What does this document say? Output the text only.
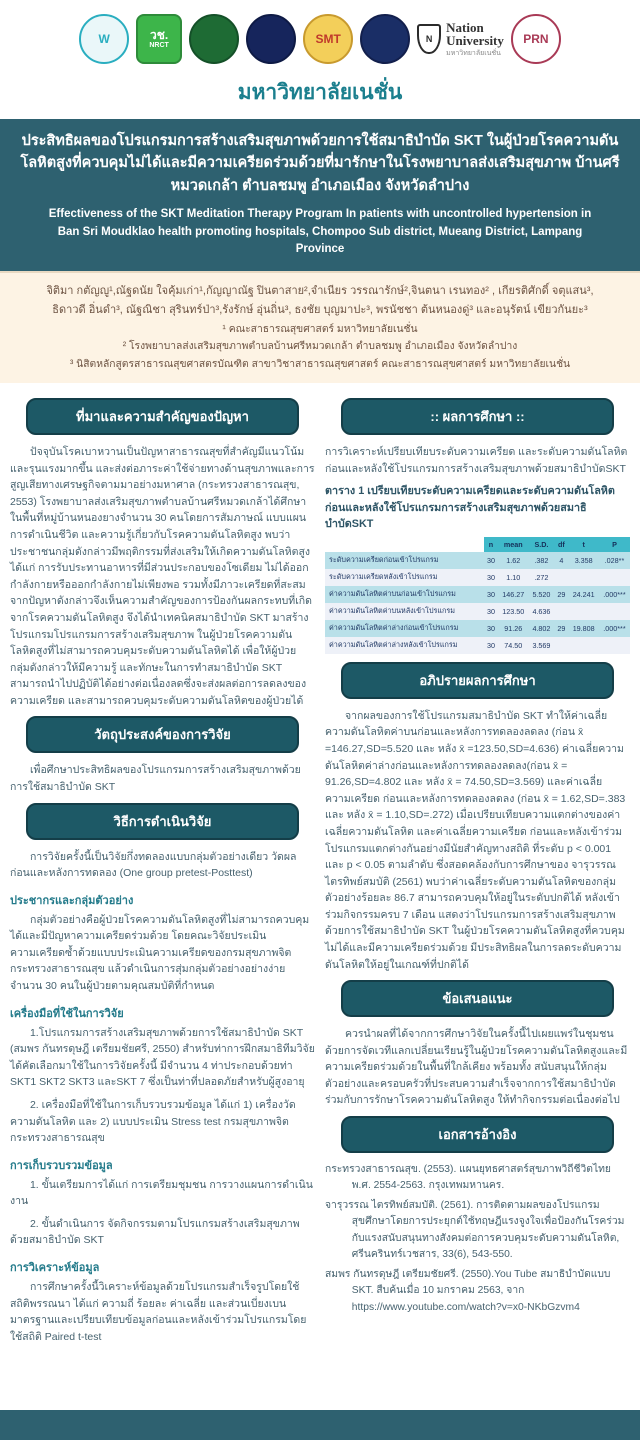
W	วช.
NRCT	SMT	N
Nation
University
มหาวิทยาลัยเนชั่น
PRN
มหาวิทยาลัยเนชั่น
ประสิทธิผลของโปรแกรมการสร้างเสริมสุขภาพด้วยการใช้สมาธิบำบัด SKT ในผู้ป่วยโรคความดันโลหิตสูงที่ควบคุมไม่ได้และมีความเครียดร่วมด้วยที่มารักษาในโรงพยาบาลส่งเสริมสุขภาพ บ้านศรีหมวดเกล้า ตำบลชมพู อำเภอเมือง จังหวัดลำปาง
Effectiveness of the SKT Meditation Therapy Program In patients with uncontrolled hypertension in Ban Sri Moudklao health promoting hospitals, Chompoo Sub district, Mueang District, Lampang Province
จิติมา กตัญญู¹,ณัฐดนัย ใจคุ้มเก่า¹,กัญญาณัฐ ปินตาสาย²,จำเนียร วรรณารักษ์²,จินตนา เรนทอง² , เกียรติศักดิ์ จตุแสน³,
ธิดาวดี อิ่นดำ³, ณัฐณิชา สุรินทร์ป่า³,รังรักษ์ อุ่นถิ่น³, ธงชัย บุญมาปะ³, พรนัชชา ต้นหนองดู่³ และอนุรัตน์ เขียวกันยะ³
¹ คณะสาธารณสุขศาสตร์ มหาวิทยาลัยเนชั่น
² โรงพยาบาลส่งเสริมสุขภาพตำบลบ้านศรีหมวดเกล้า ตำบลชมพู อำเภอเมือง จังหวัดลำปาง
³ นิสิตหลักสูตรสาธารณสุขศาสตรบัณฑิต สาขาวิชาสาธารณสุขศาสตร์ คณะสาธารณสุขศาสตร์ มหาวิทยาลัยเนชั่น
ที่มาและความสำคัญของปัญหา

ปัจจุบันโรคเบาหวานเป็นปัญหาสาธารณสุขที่สำคัญมีแนวโน้มและรุนแรงมากขึ้น และส่งต่อภาระค่าใช้จ่ายทางด้านสุขภาพและการสูญเสียทางเศรษฐกิจตามมาอย่างมหาศาล (กระทรวงสาธารณสุข, 2553) โรงพยาบาลส่งเสริมสุขภาพตำบลบ้านศรีหมวดเกล้าได้ศึกษาในพื้นที่หมู่บ้านหนองยางจำนวน 30 คนโดยการสัมภาษณ์ แบบแผนการดำเนินชีวิต และความรู้เกี่ยวกับโรคความดันโลหิตสูง พบว่าประชาชนกลุ่มดังกล่าวมีพฤติกรรมที่ส่งเสริมให้เกิดความดันโลหิตสูง ได้แก่ การรับประทานอาหารที่มีส่วนประกอบของโซเดียม ไม่ได้ออกกำลังกายหรือออกกำลังกายไม่เพียงพอ รวมทั้งมีภาวะเครียดที่สะสมจากปัญหาดังกล่าวจึงเห็นความสำคัญของการป้องกันผลกระทบที่เกิดจากโรคความดันโลหิตสูง จึงได้นำเทคนิคสมาธิบำบัด SKT มาสร้างโปรแกรมโปรแกรมการสร้างเสริมสุขภาพ ในผู้ป่วยโรคความดันโลหิตสูงที่ไม่สามารถควบคุมระดับความดันโลหิตได้ เพื่อให้ผู้ป่วยกลุ่มดังกล่าวให้มีความรู้ และทักษะในการทำสมาธิบำบัด SKT สามารถนำไปปฏิบัติได้อย่างต่อเนื่องลดซึ่งจะส่งผลต่อการลดลงของความเครียด และสามารถควบคุมระดับความดันโลหิตของผู้ป่วยได้

วัตถุประสงค์ของการวิจัย

เพื่อศึกษาประสิทธิผลของโปรแกรมการสร้างเสริมสุขภาพด้วยการใช้สมาธิบำบัด SKT

วิธีการดำเนินวิจัย

การวิจัยครั้งนี้เป็นวิจัยกึ่งทดลองแบบกลุ่มตัวอย่างเดียว วัดผลก่อนและหลังการทดลอง (One group pretest-Posttest)

ประชากรและกลุ่มตัวอย่าง

กลุ่มตัวอย่างคือผู้ป่วยโรคความดันโลหิตสูงที่ไม่สามารถควบคุมได้และมีปัญหาความเครียดร่วมด้วย โดยคณะวิจัยประเมินความเครียดซ้ำด้วยแบบประเมินความเครียดของกรมสุขภาพจิต กระทรวงสาธารณสุข แล้วดำเนินการสุ่มกลุ่มตัวอย่างอย่างง่าย จำนวน 30 คนในผู้ป่วยตามคุณสมบัติที่กำหนด

เครื่องมือที่ใช้ในการวิจัย

1.โปรแกรมการสร้างเสริมสุขภาพด้วยการใช้สมาธิบำบัด SKT (สมพร กันทรดุษฎี เตรียมชัยศรี, 2550) สำหรับท่าการฝึกสมาธิทีมวิจัยได้คัดเลือกมาใช้ในการวิจัยครั้งนี้ มีจำนวน 4 ท่าประกอบด้วยท่า SKT1 SKT2 SKT3 และSKT 7 ซึ่งเป็นท่าที่ปลอดภัยสำหรับผู้สูงอายุ

2. เครื่องมือที่ใช้ในการเก็บรวบรวมข้อมูล ได้แก่ 1) เครื่องวัดความดันโลหิต และ 2) แบบประเมิน Stress test กรมสุขภาพจิต กระทรวงสาธารณสุข

การเก็บรวบรวมข้อมูล

1. ขั้นเตรียมการได้แก่ การเตรียมชุมชน การวางแผนการดำเนินงาน

2. ขั้นดำเนินการ จัดกิจกรรมตามโปรแกรมสร้างเสริมสุขภาพด้วยสมาธิบำบัด SKT

การวิเคราะห์ข้อมูล

การศึกษาครั้งนี้วิเคราะห์ข้อมูลด้วยโปรแกรมสำเร็จรูปโดยใช้สถิติพรรณนา ได้แก่ ความถี่ ร้อยละ ค่าเฉลี่ย และส่วนเบี่ยงเบนมาตรฐานและเปรียบเทียบข้อมูลก่อนและหลังเข้าร่วมโปรแกรมโดยใช้สถิติ Paired t-test

:: ผลการศึกษา ::

การวิเคราะห์เปรียบเทียบระดับความเครียด และระดับความดันโลหิตก่อนและหลังใช้โปรแกรมการสร้างเสริมสุขภาพด้วยสมาธิบำบัดSKT

ตาราง 1 เปรียบเทียบระดับความเครียดและระดับความดันโลหิตก่อนและหลังใช้โปรแกรมการสร้างเสริมสุขภาพด้วยสมาธิบำบัดSKT
	n	mean	S.D.	df	t	P
ระดับความเครียดก่อนเข้าโปรแกรม	30	1.62	.382	4	3.358	.028**
ระดับความเครียดหลังเข้าโปรแกรม	30	1.10	.272			
ค่าความดันโลหิตค่าบนก่อนเข้าโปรแกรม	30	146.27	5.520	29	24.241	.000***
ค่าความดันโลหิตค่าบนหลังเข้าโปรแกรม	30	123.50	4.636			
ค่าความดันโลหิตค่าล่างก่อนเข้าโปรแกรม	30	91.26	4.802	29	19.808	.000***
ค่าความดันโลหิตค่าล่างหลังเข้าโปรแกรม	30	74.50	3.569			
อภิปรายผลการศึกษา

จากผลของการใช้โปรแกรมสมาธิบำบัด SKT ทำให้ค่าเฉลี่ยความดันโลหิตค่าบนก่อนและหลังการทดลองลดลง (ก่อน x̄ =146.27,SD=5.520 และ หลัง x̄ =123.50,SD=4.636) ค่าเฉลี่ยความดันโลหิตค่าล่างก่อนและหลังการทดลองลดลง(ก่อน x̄ = 91.26,SD=4.802 และ หลัง x̄ = 74.50,SD=3.569) และค่าเฉลี่ยความเครียด ก่อนและหลังการทดลองลดลง (ก่อน x̄ = 1.62,SD=.383 และ หลัง x̄ = 1.10,SD=.272) เมื่อเปรียบเทียบความแตกต่างของค่าเฉลี่ยความดันโลหิต และค่าเฉลี่ยความเครียด ก่อนและหลังเข้าร่วมโปรแกรมแตกต่างกันอย่างมีนัยสำคัญทางสถิติ ที่ระดับ p < 0.001 และ p < 0.05 ตามลำดับ ซึ่งสอดคล้องกับการศึกษาของ จารุวรรณ ไตรทิพย์สมบัติ (2561) พบว่าค่าเฉลี่ยระดับความดันโลหิตของกลุ่มตัวอย่างร้อยละ 86.7 สามารถควบคุมให้อยู่ในระดับปกติได้ หลังเข้าร่วมกิจกรรมครบ 7 เดือน แสดงว่าโปรแกรมการสร้างเสริมสุขภาพด้วยการใช้สมาธิบำบัด SKT ในผู้ป่วยโรคความดันโลหิตสูงที่ควบคุมไม่ได้และมีความเครียดร่วมด้วย มีประสิทธิผลในการลดระดับความดันโลหิตให้อยู่ในเกณฑ์ที่ปกติได้

ข้อเสนอแนะ

ควรนำผลที่ได้จากการศึกษาวิจัยในครั้งนี้ไปเผยแพร่ในชุมชนด้วยการจัดเวทีแลกเปลี่ยนเรียนรู้ในผู้ป่วยโรคความดันโลหิตสูงและมีความเครียดร่วมด้วยในพื้นที่ใกล้เคียง พร้อมทั้ง สนับสนุนให้กลุ่มตัวอย่างและครอบครัวที่ประสบความสำเร็จจากการใช้สมาธิบำบัดร่วมกับการรักษาโรคความดันโลหิตสูง ให้ทำกิจกรรมต่อเนื่องต่อไป

เอกสารอ้างอิง

กระทรวงสาธารณสุข. (2553). แผนยุทธศาสตร์สุขภาพวิถีชีวิตไทย พ.ศ. 2554-2563. กรุงเทพมหานคร.

จารุวรรณ ไตรทิพย์สมบัติ. (2561). การติดตามผลของโปรแกรมสุขศึกษาโดยการประยุกต์ใช้ทฤษฎีแรงจูงใจเพื่อป้องกันโรคร่วมกับแรงสนับสนุนทางสังคมต่อการควบคุมระดับความดันโลหิต, ศรีนครินทร์เวชสาร, 33(6), 543-550.

สมพร กันทรดุษฎี เตรียมชัยศรี. (2550).You Tube สมาธิบำบัดแบบ SKT. สืบค้นเมื่อ 10 มกราคม 2563, จาก https://www.youtube.com/watch?v=x0-NKbGzvm4
